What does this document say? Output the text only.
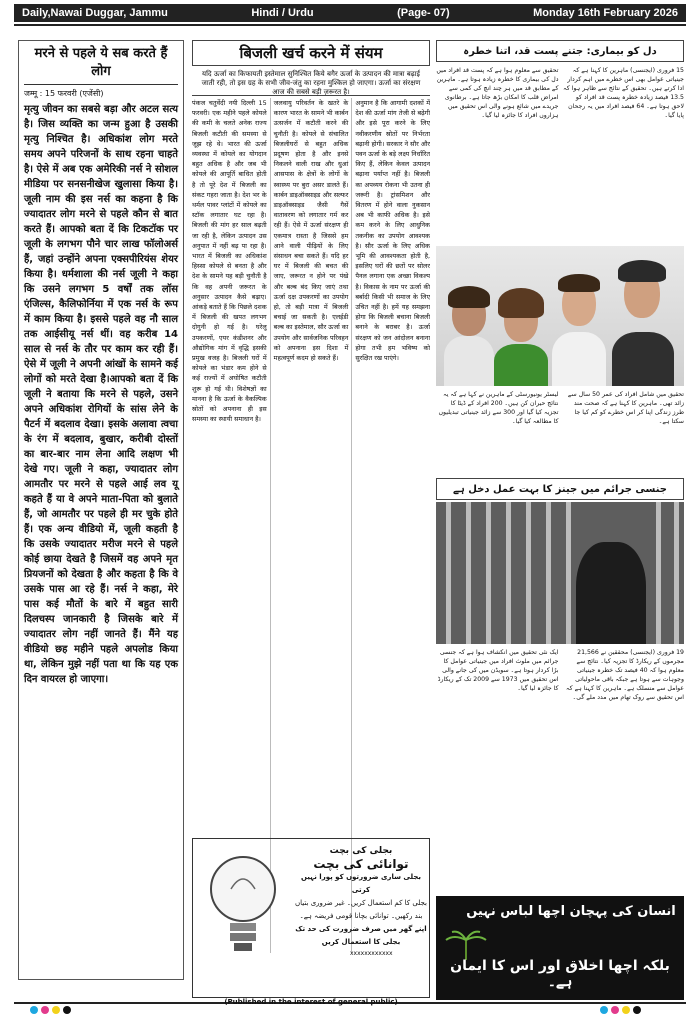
Daily,Nawai Duggar, Jammu	Hindi / Urdu	(Page- 07)	Monday 16th February 2026
मरने से पहले ये सब करते हैं लोग
जम्मू : 15 फरवरी (एजेंसी)
मृत्यु जीवन का सबसे बड़ा और अटल सत्य है। जिस व्यक्ति का जन्म हुआ है उसकी मृत्यु निश्चित है। अधिकांश लोग मरते समय अपने परिजनों के साथ रहना चाहते है। ऐसे में अब एक अमेरिकी नर्स ने सोशल मीडिया पर सनसनीखेज खुलासा किया है। जूली नाम की इस नर्स का कहना है कि ज्यादातर लोग मरने से पहले कौन से बात करते हैं। आपको बता दें कि टिकटॉक पर जूली के लगभग पौने चार लाख फॉलोअर्स हैं, जहां उन्होंने अपना एक्सपीरियंस शेयर किया है। धर्मशाला की नर्स जूली ने कहा कि उसने लगभग 5 वर्षों तक लॉस एंजिल्स, कैलिफोर्निया में एक नर्स के रूप में काम किया है। इससे पहले वह नौ साल तक आईसीयू नर्स थीं। वह करीब 14 साल से नर्स के तौर पर काम कर रही हैं। ऐसे में जूली ने अपनी आंखों के सामने कई लोगों को मरते देखा है।आपको बता दें कि जूली ने बताया कि मरने से पहले, उसने अपने अधिकांश रोगियों के सांस लेने के पैटर्न में बदलाव देखा। इसके अलावा त्वचा के रंग में बदलाव, बुखार, करीबी दोस्तों का बार-बार नाम लेना आदि लक्षण भी देखे गए। जूली ने कहा, ज्यादातर लोग आमतौर पर मरने से पहले आई लव यू कहते हैं या वे अपने माता-पिता को बुलाते हैं, जो आमतौर पर पहले ही मर चुके होते हैं। एक अन्य वीडियो में, जूली कहती है कि उसके ज्यादातर मरीज मरने से पहले कोई छाया देखते है जिसमें वह अपने मृत प्रियजनों को देखता है और कहता है कि वे उसके पास आ रहे हैं। नर्स ने कहा, मेरे पास कई मौतों के बारे में बहुत सारी दिलचस्प जानकारी है जिसके बारे में ज्यादातर लोग नहीं जानते हैं। मैंने यह वीडियो छह महीने पहले अपलोड किया था, लेकिन मुझे नहीं पता था कि यह एक दिन वायरल हो जाएगा।
बिजली खर्च करने में संयम
यदि ऊर्जा का किफायती इस्तेमाल सुनिश्चित किये बगैर ऊर्जा के उत्पादन की मात्रा बढ़ाई जाती रही, तो इस ग्रह के सभी जीव-जंतु का रहना मुश्किल हो जाएगा। ऊर्जा का संरक्षण आज की सबसे बड़ी ज़रूरत है।
पंकज चतुर्वेदी नयी दिल्ली 15 फरवरी। एक महीने पहले कोयले की कमी के चलते अनेक राज्य बिजली कटौती की समस्या से जूझ रहे थे। भारत की ऊर्जा व्यवस्था में कोयले का योगदान बहुत अधिक है और जब भी कोयले की आपूर्ति बाधित होती है तो पूरे देश में बिजली का संकट गहरा जाता है। देश भर के थर्मल पावर प्लांटों में कोयले का स्टॉक लगातार घट रहा है। बिजली की मांग हर साल बढ़ती जा रही है, लेकिन उत्पादन उस अनुपात में नहीं बढ़ पा रहा है। भारत में बिजली का अधिकांश हिस्सा कोयले से बनता है और देश के सामने यह बड़ी चुनौती है कि वह अपनी जरूरत के अनुसार उत्पादन कैसे बढ़ाए। आंकड़े बताते हैं कि पिछले दशक में बिजली की खपत लगभग दोगुनी हो गई है। घरेलू उपकरणों, एयर कंडीशनर और औद्योगिक मांग में वृद्धि इसकी प्रमुख वजह है। बिजली घरों में कोयले का भंडार कम होने से कई राज्यों में अघोषित कटौती शुरू हो गई थी। विशेषज्ञों का मानना है कि ऊर्जा के वैकल्पिक स्रोतों को अपनाना ही इस समस्या का स्थायी समाधान है।
जलवायु परिवर्तन के खतरे के कारण भारत के सामने भी कार्बन उत्सर्जन में कटौती करने की चुनौती है। कोयले से संचालित बिजलीघरों से बहुत अधिक प्रदूषण होता है और इनसे निकलने वाली राख और धुआं आसपास के क्षेत्रों के लोगों के स्वास्थ्य पर बुरा असर डालते हैं। कार्बन डाइऑक्साइड और सल्फर डाइऑक्साइड जैसी गैसें वातावरण को लगातार गर्म कर रही हैं। ऐसे में ऊर्जा संरक्षण ही एकमात्र रास्ता है जिससे हम आने वाली पीढ़ियों के लिए संसाधन बचा सकते हैं। यदि हर घर में बिजली की बचत की जाए, जरूरत न होने पर पंखे और बल्ब बंद किए जाएं तथा ऊर्जा दक्ष उपकरणों का उपयोग हो, तो बड़ी मात्रा में बिजली बचाई जा सकती है। एलईडी बल्ब का इस्तेमाल, सौर ऊर्जा का उपयोग और सार्वजनिक परिवहन को अपनाना इस दिशा में महत्वपूर्ण कदम हो सकते हैं।
अनुमान है कि आगामी दशकों में देश की ऊर्जा मांग तेजी से बढ़ेगी और इसे पूरा करने के लिए नवीकरणीय स्रोतों पर निर्भरता बढ़ानी होगी। सरकार ने सौर और पवन ऊर्जा के बड़े लक्ष्य निर्धारित किए हैं, लेकिन केवल उत्पादन बढ़ाना पर्याप्त नहीं है। बिजली का अपव्यय रोकना भी उतना ही जरूरी है। ट्रांसमिशन और वितरण में होने वाला नुकसान अब भी काफी अधिक है। इसे कम करने के लिए आधुनिक तकनीक का उपयोग आवश्यक है। सौर ऊर्जा के लिए अधिक भूमि की आवश्यकता होती है, इसलिए घरों की छतों पर सोलर पैनल लगाना एक अच्छा विकल्प है। विकास के नाम पर ऊर्जा की बर्बादी किसी भी समाज के लिए उचित नहीं है। हमें यह समझना होगा कि बिजली बचाना बिजली बनाने के बराबर है। ऊर्जा संरक्षण को जन आंदोलन बनाना होगा तभी हम भविष्य को सुरक्षित रख पाएंगे।
xxxxxxxxxxxx
دل کو بیماری: جتنے پست قد، اتنا خطرہ
تحقیق سے معلوم ہوا ہے کہ پست قد افراد میں دل کی بیماری کا خطرہ زیادہ ہوتا ہے۔ ماہرین کے مطابق قد میں ہر چند انچ کی کمی سے امراض قلب کا امکان بڑھ جاتا ہے۔ برطانوی جریدے میں شائع ہونے والی اس تحقیق میں ہزاروں افراد کا جائزہ لیا گیا۔
15 فروری (ایجنسی) ماہرین کا کہنا ہے کہ جینیاتی عوامل بھی اس خطرے میں اہم کردار ادا کرتے ہیں۔ تحقیق کے نتائج سے ظاہر ہوا کہ 13.5 فیصد زیادہ خطرہ پست قد افراد کو لاحق ہوتا ہے۔ 64 فیصد افراد میں یہ رجحان پایا گیا۔
لیسٹر یونیورسٹی کے ماہرین نے کہا ہے کہ یہ نتائج حیران کن ہیں۔ 200 افراد کے ڈیٹا کا تجزیہ کیا گیا اور 300 سے زائد جینیاتی تبدیلیوں کا مطالعہ کیا گیا۔
تحقیق میں شامل افراد کی عمر 50 سال سے زائد تھی۔ ماہرین کا کہنا ہے کہ صحت مند طرز زندگی اپنا کر اس خطرے کو کم کیا جا سکتا ہے۔
جنسی جرائم میں جینز کا بہت عمل دخل ہے
ایک نئی تحقیق میں انکشاف ہوا ہے کہ جنسی جرائم میں ملوث افراد میں جینیاتی عوامل کا بڑا کردار ہوتا ہے۔ سویڈن میں کی جانے والی اس تحقیق میں 1973 سے 2009 تک کے ریکارڈ کا جائزہ لیا گیا۔
19 فروری (ایجنسی) محققین نے 21,566 مجرموں کے ریکارڈ کا تجزیہ کیا۔ نتائج سے معلوم ہوا کہ 40 فیصد تک خطرہ جینیاتی وجوہات سے ہوتا ہے جبکہ باقی ماحولیاتی عوامل سے منسلک ہے۔ ماہرین کا کہنا ہے کہ اس تحقیق سے روک تھام میں مدد ملے گی۔
بجلی کی بچت
توانائی کی بچت
بجلی ساری ضرورتوں کو پورا نہیں کرتی
بجلی کا کم استعمال کریں۔ غیر ضروری بتیاں بند رکھیں۔ توانائی بچانا قومی فریضہ ہے۔
اپنے گھر میں صرف ضرورت کی حد تک بجلی کا استعمال کریں
(Published in the interest of general public)
انسان کی پہچان اچھا لباس نہیں
بلکہ اچھا اخلاق اور اس کا ایمان ہے۔
